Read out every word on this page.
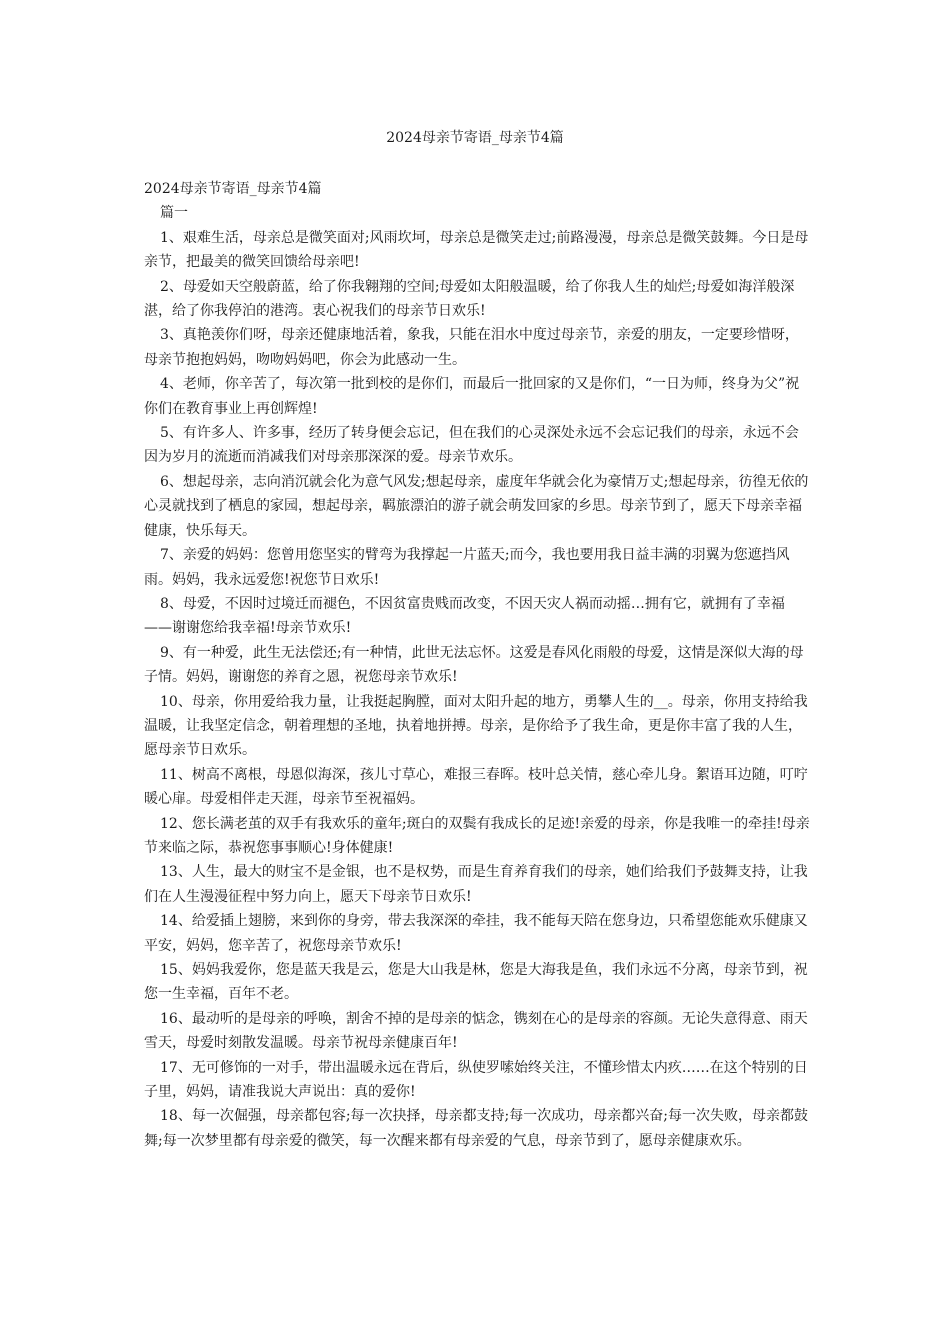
2024母亲节寄语_母亲节4篇

2024母亲节寄语_母亲节4篇

篇一

1、艰难生活，母亲总是微笑面对;风雨坎坷，母亲总是微笑走过;前路漫漫，母亲总是微笑鼓舞。今日是母亲节，把最美的微笑回馈给母亲吧!

2、母爱如天空般蔚蓝，给了你我翱翔的空间;母爱如太阳般温暖，给了你我人生的灿烂;母爱如海洋般深湛，给了你我停泊的港湾。衷心祝我们的母亲节日欢乐!

3、真艳羡你们呀，母亲还健康地活着，象我，只能在泪水中度过母亲节，亲爱的朋友，一定要珍惜呀，母亲节抱抱妈妈，吻吻妈妈吧，你会为此感动一生。

4、老师，你辛苦了，每次第一批到校的是你们，而最后一批回家的又是你们，“一日为师，终身为父”祝你们在教育事业上再创辉煌!

5、有许多人、许多事，经历了转身便会忘记，但在我们的心灵深处永远不会忘记我们的母亲，永远不会因为岁月的流逝而消减我们对母亲那深深的爱。母亲节欢乐。

6、想起母亲，志向消沉就会化为意气风发;想起母亲，虚度年华就会化为豪情万丈;想起母亲，彷徨无依的心灵就找到了栖息的家园，想起母亲，羁旅漂泊的游子就会萌发回家的乡思。母亲节到了，愿天下母亲幸福健康，快乐每天。

7、亲爱的妈妈：您曾用您坚实的臂弯为我撑起一片蓝天;而今，我也要用我日益丰满的羽翼为您遮挡风雨。妈妈，我永远爱您!祝您节日欢乐!

8、母爱，不因时过境迁而褪色，不因贫富贵贱而改变，不因天灾人祸而动摇…拥有它，就拥有了幸福——谢谢您给我幸福!母亲节欢乐!

9、有一种爱，此生无法偿还;有一种情，此世无法忘怀。这爱是春风化雨般的母爱，这情是深似大海的母子情。妈妈，谢谢您的养育之恩，祝您母亲节欢乐!

10、母亲，你用爱给我力量，让我挺起胸膛，面对太阳升起的地方，勇攀人生的__。母亲，你用支持给我温暖，让我坚定信念，朝着理想的圣地，执着地拼搏。母亲，是你给予了我生命，更是你丰富了我的人生，愿母亲节日欢乐。

11、树高不离根，母恩似海深，孩儿寸草心，难报三春晖。枝叶总关情，慈心牵儿身。絮语耳边随，叮咛暖心扉。母爱相伴走天涯，母亲节至祝福妈。

12、您长满老茧的双手有我欢乐的童年;斑白的双鬓有我成长的足迹!亲爱的母亲，你是我唯一的牵挂!母亲节来临之际，恭祝您事事顺心!身体健康!

13、人生，最大的财宝不是金银，也不是权势，而是生育养育我们的母亲，她们给我们予鼓舞支持，让我们在人生漫漫征程中努力向上，愿天下母亲节日欢乐!

14、给爱插上翅膀，来到你的身旁，带去我深深的牵挂，我不能每天陪在您身边，只希望您能欢乐健康又平安，妈妈，您辛苦了，祝您母亲节欢乐!

15、妈妈我爱你，您是蓝天我是云，您是大山我是林，您是大海我是鱼，我们永远不分离，母亲节到，祝您一生幸福，百年不老。

16、最动听的是母亲的呼唤，割舍不掉的是母亲的惦念，镌刻在心的是母亲的容颜。无论失意得意、雨天雪天，母爱时刻散发温暖。母亲节祝母亲健康百年!

17、无可修饰的一对手，带出温暖永远在背后，纵使罗嗦始终关注，不懂珍惜太内疚……在这个特别的日子里，妈妈，请准我说大声说出：真的爱你!

18、每一次倔强，母亲都包容;每一次抉择，母亲都支持;每一次成功，母亲都兴奋;每一次失败，母亲都鼓舞;每一次梦里都有母亲爱的微笑，每一次醒来都有母亲爱的气息，母亲节到了，愿母亲健康欢乐。
